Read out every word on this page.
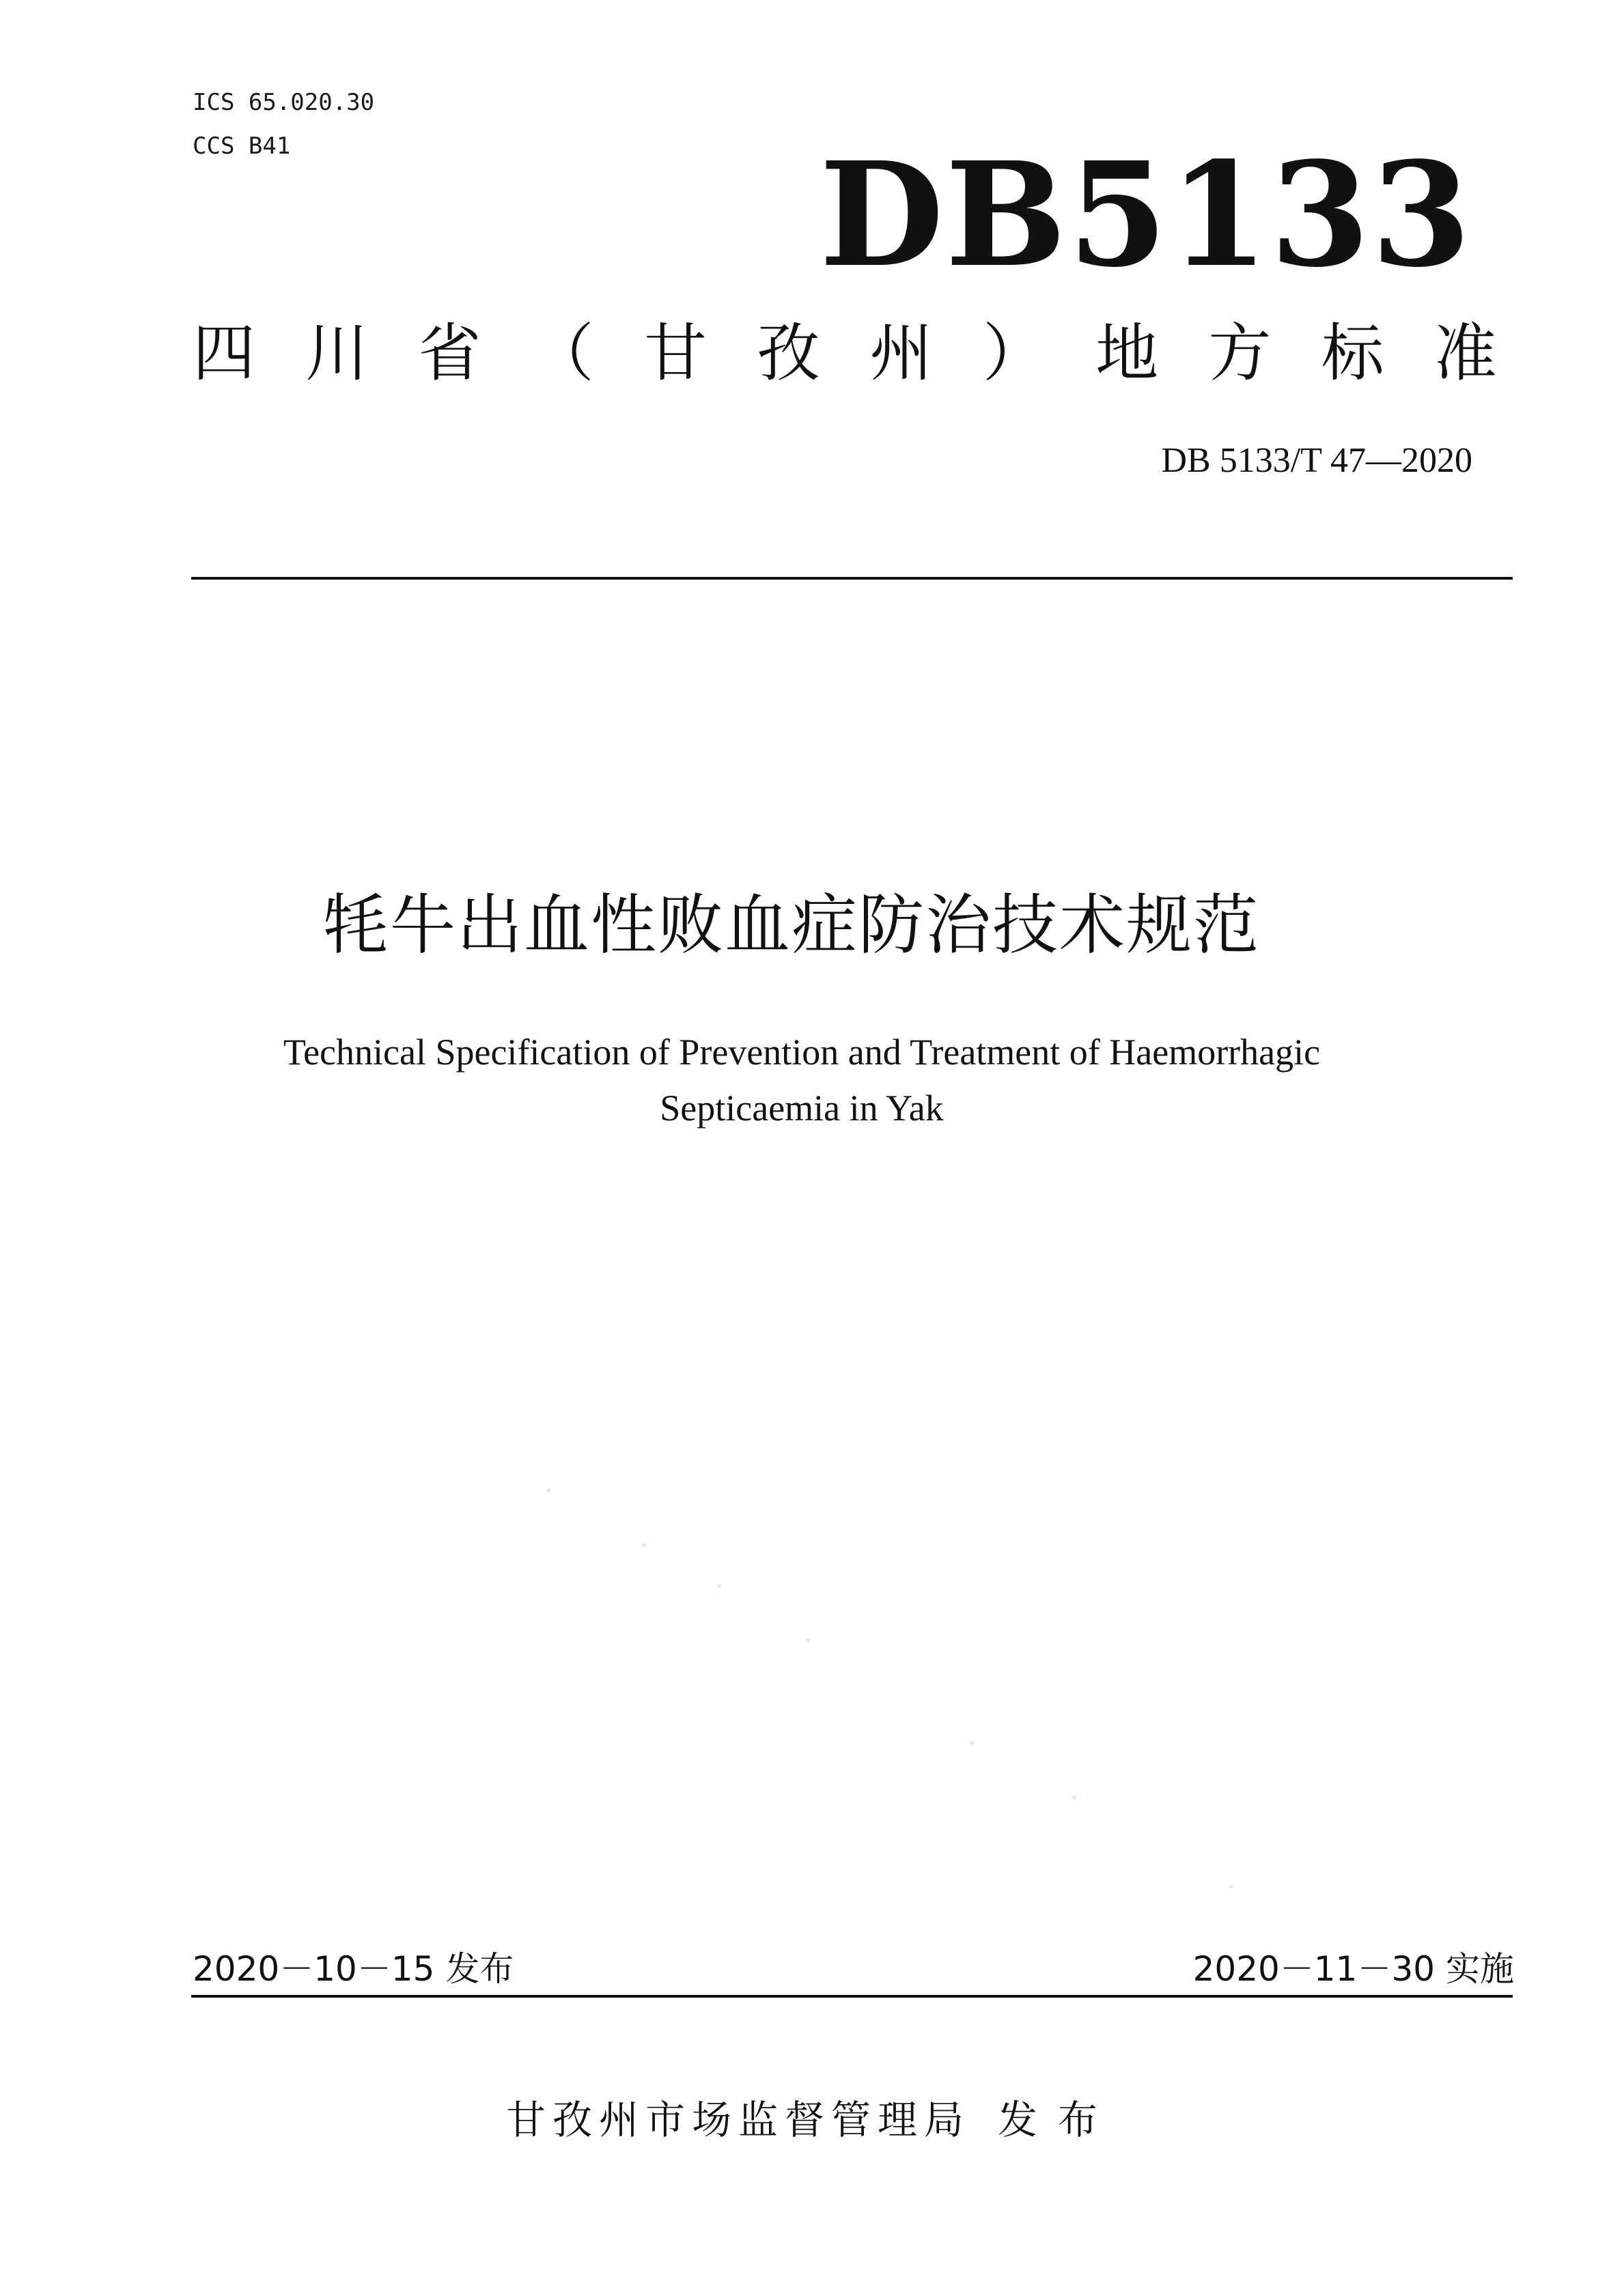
ICS 65.020.30
CCS B41	DB5133
四 川 省 （ 甘 孜 州 ） 地 方 标 准
DB 5133/T 47—2020
牦牛出血性败血症防治技术规范
Technical Specification of Prevention and Treatment of Haemorrhagic
Septicaemia in Yak
2020－10－15 发布	2020－11－30 实施
甘孜州市场监督管理局 发布
